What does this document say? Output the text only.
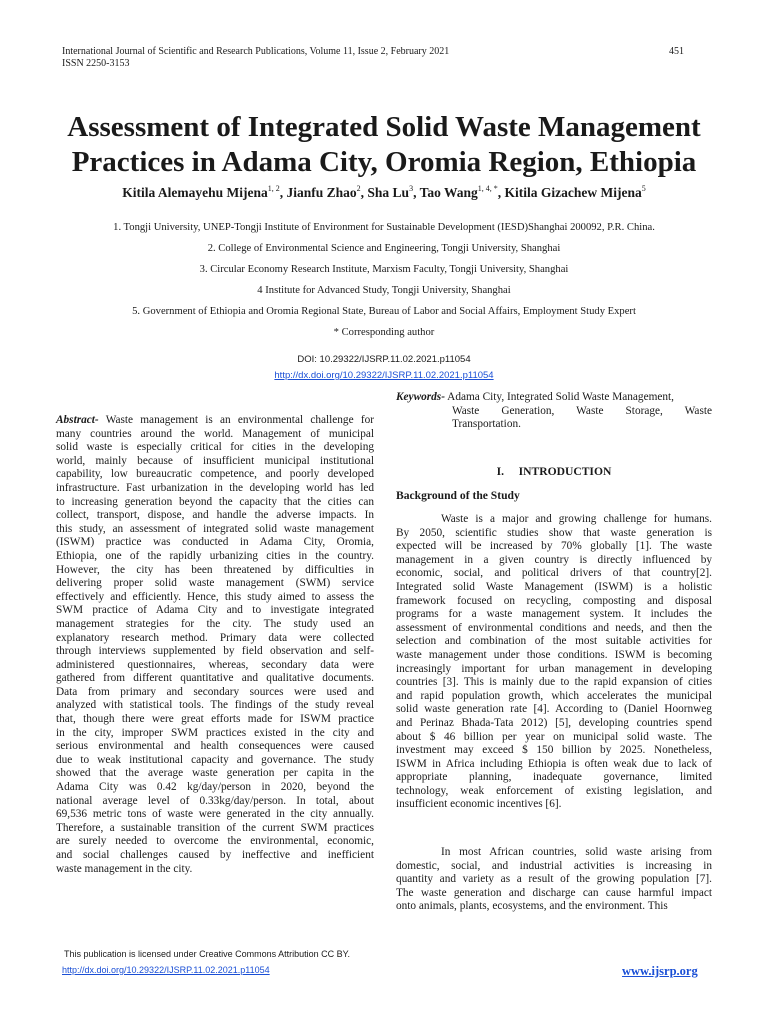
International Journal of Scientific and Research Publications, Volume 11, Issue 2, February 2021
ISSN 2250-3153
451
Assessment of Integrated Solid Waste Management
Practices in Adama City, Oromia Region, Ethiopia
Kitila Alemayehu Mijena$^{1, 2}$, Jianfu Zhao$^2$, Sha Lu$^3$, Tao Wang$^{1, 4, *}$, Kitila Gizachew Mijena$^5$
1. Tongji University, UNEP-Tongji Institute of Environment for Sustainable Development (IESD)Shanghai 200092, P.R. China.
2. College of Environmental Science and Engineering, Tongji University, Shanghai
3. Circular Economy Research Institute, Marxism Faculty, Tongji University, Shanghai
4 Institute for Advanced Study, Tongji University, Shanghai
5. Government of Ethiopia and Oromia Regional State, Bureau of Labor and Social Affairs, Employment Study Expert
* Corresponding author
DOI: 10.29322/IJSRP.11.02.2021.p11054
http://dx.doi.org/10.29322/IJSRP.11.02.2021.p11054
Abstract- Waste management is an environmental challenge for
many countries around the world. Management of municipal
solid waste is especially critical for cities in the developing
world, mainly because of insufficient municipal institutional
capability, low bureaucratic competence, and poorly developed
infrastructure. Fast urbanization in the developing world has led
to increasing generation beyond the capacity that the cities can
collect, transport, dispose, and handle the adverse impacts. In
this study, an assessment of integrated solid waste management
(ISWM) practice was conducted in Adama City, Oromia,
Ethiopia, one of the rapidly urbanizing cities in the country.
However, the city has been threatened by difficulties in
delivering proper solid waste management (SWM) service
effectively and efficiently. Hence, this study aimed to assess the
SWM practice of Adama City and to investigate integrated
management strategies for the city. The study used an
explanatory research method. Primary data were collected
through interviews supplemented by field observation and self-
administered questionnaires, whereas, secondary data were
gathered from different quantitative and qualitative documents.
Data from primary and secondary sources were used and
analyzed with statistical tools. The findings of the study reveal
that, though there were great efforts made for ISWM practice
in the city, improper SWM practices existed in the city and
serious environmental and health consequences were caused
due to weak institutional capacity and governance. The study
showed that the average waste generation per capita in the
Adama City was 0.42 kg/day/person in 2020, beyond the
national average level of 0.33kg/day/person. In total, about
69,536 metric tons of waste were generated in the city annually.
Therefore, a sustainable transition of the current SWM practices
are surely needed to overcome the environmental, economic,
and social challenges caused by ineffective and inefficient
waste management in the city.
Keywords- Adama City, Integrated Solid Waste Management,
Waste Generation, Waste Storage, Waste
Transportation.
I. INTRODUCTION
Background of the Study
Waste is a major and growing challenge for humans.
By 2050, scientific studies show that waste generation is
expected will be increased by 70% globally [1]. The waste
management in a given country is directly influenced by
economic, social, and political drivers of that country[2].
Integrated solid Waste Management (ISWM) is a holistic
framework focused on recycling, composting and disposal
programs for a waste management system. It includes the
assessment of environmental conditions and needs, and then the
selection and combination of the most suitable activities for
waste management under those conditions. ISWM is becoming
increasingly important for urban management in developing
countries [3]. This is mainly due to the rapid expansion of cities
and rapid population growth, which accelerates the municipal
solid waste generation rate [4]. According to (Daniel Hoornweg
and Perinaz Bhada-Tata 2012) [5], developing countries spend
about $ 46 billion per year on municipal solid waste. The
investment may exceed $ 150 billion by 2025. Nonetheless,
ISWM in Africa including Ethiopia is often weak due to lack of
appropriate planning, inadequate governance, limited
technology, weak enforcement of existing legislation, and
insufficient economic incentives [6].
In most African countries, solid waste arising from
domestic, social, and industrial activities is increasing in
quantity and variety as a result of the growing population [7].
The waste generation and discharge can cause harmful impact
onto animals, plants, ecosystems, and the environment. This
This publication is licensed under Creative Commons Attribution CC BY.
http://dx.doi.org/10.29322/IJSRP.11.02.2021.p11054	www.ijsrp.org
